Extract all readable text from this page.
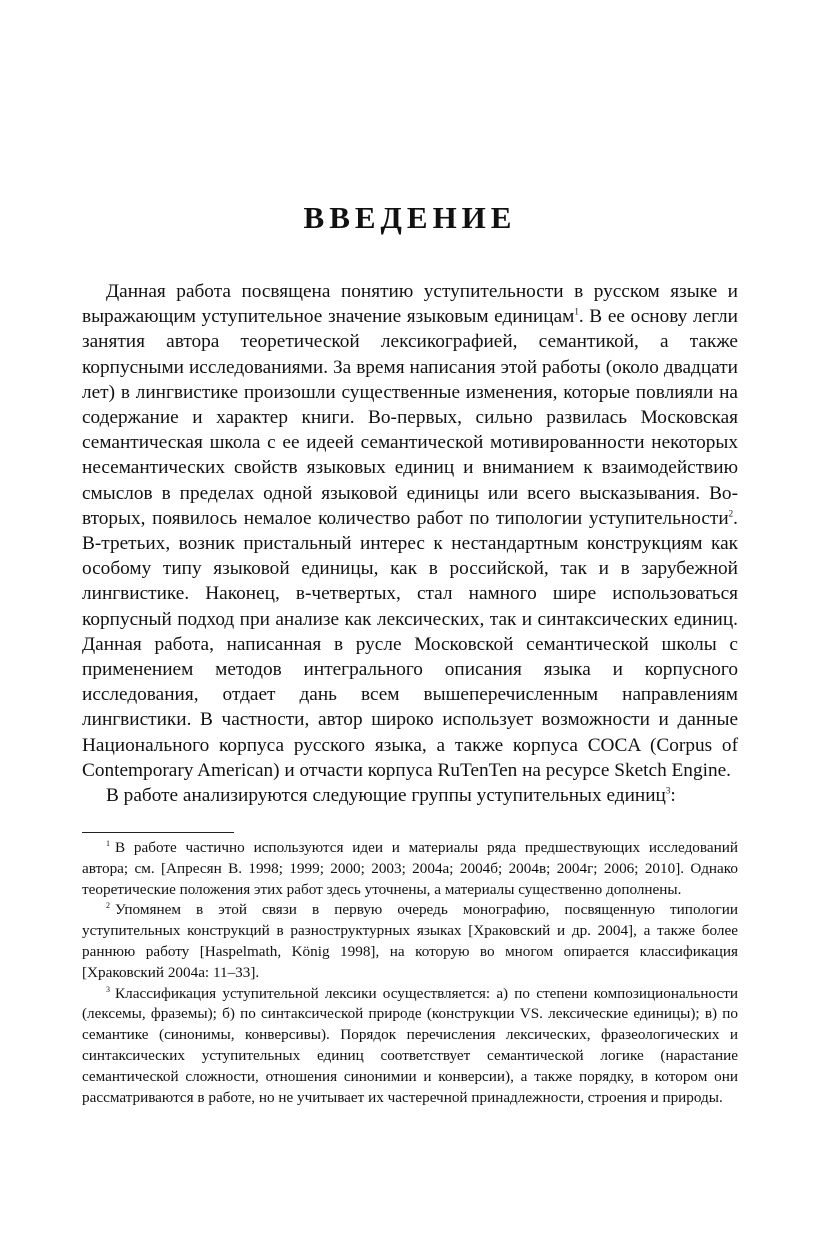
ВВЕДЕНИЕ

Данная работа посвящена понятию уступительности в русском языке и выражающим уступительное значение языковым единицам$^1$. В ее основу легли занятия автора теоретической лексикографией, семантикой, а также корпусными исследованиями. За время написания этой работы (около двадцати лет) в лингвистике произошли существенные изменения, которые повлияли на содержание и характер книги. Во-первых, сильно развилась Московская семантическая школа с ее идеей семантической мотивированности некоторых несемантических свойств языковых единиц и вниманием к взаимодействию смыслов в пределах одной языковой единицы или всего высказывания. Во-вторых, появилось немалое количество работ по типологии уступительности$^2$. В-третьих, возник пристальный интерес к нестандартным конструкциям как особому типу языковой единицы, как в российской, так и в зарубежной лингвистике. Наконец, в-четвертых, стал намного шире использоваться корпусный подход при анализе как лексических, так и синтаксических единиц. Данная работа, написанная в русле Московской семантической школы с применением методов интегрального описания языка и корпусного исследования, отдает дань всем вышеперечисленным направлениям лингвистики. В частности, автор широко использует возможности и данные Национального корпуса русского языка, а также корпуса COCA (Corpus of Contemporary American) и отчасти корпуса RuTenTen на ресурсе Sketch Engine.

В работе анализируются следующие группы уступительных единиц$^3$:

$^1$ В работе частично используются идеи и материалы ряда предшествующих исследований автора; см. [Апресян В. 1998; 1999; 2000; 2003; 2004а; 2004б; 2004в; 2004г; 2006; 2010]. Однако теоретические положения этих работ здесь уточнены, а материалы существенно дополнены.

$^2$ Упомянем в этой связи в первую очередь монографию, посвященную типологии уступительных конструкций в разноструктурных языках [Храковский и др. 2004], а также более раннюю работу [Haspelmath, König 1998], на которую во многом опирается классификация [Храковский 2004а: 11–33].

$^3$ Классификация уступительной лексики осуществляется: а) по степени композициональности (лексемы, фраземы); б) по синтаксической природе (конструкции VS. лексические единицы); в) по семантике (синонимы, конверсивы). Порядок перечисления лексических, фразеологических и синтаксических уступительных единиц соответствует семантической логике (нарастание семантической сложности, отношения синонимии и конверсии), а также порядку, в котором они рассматриваются в работе, но не учитывает их частеречной принадлежности, строения и природы.
